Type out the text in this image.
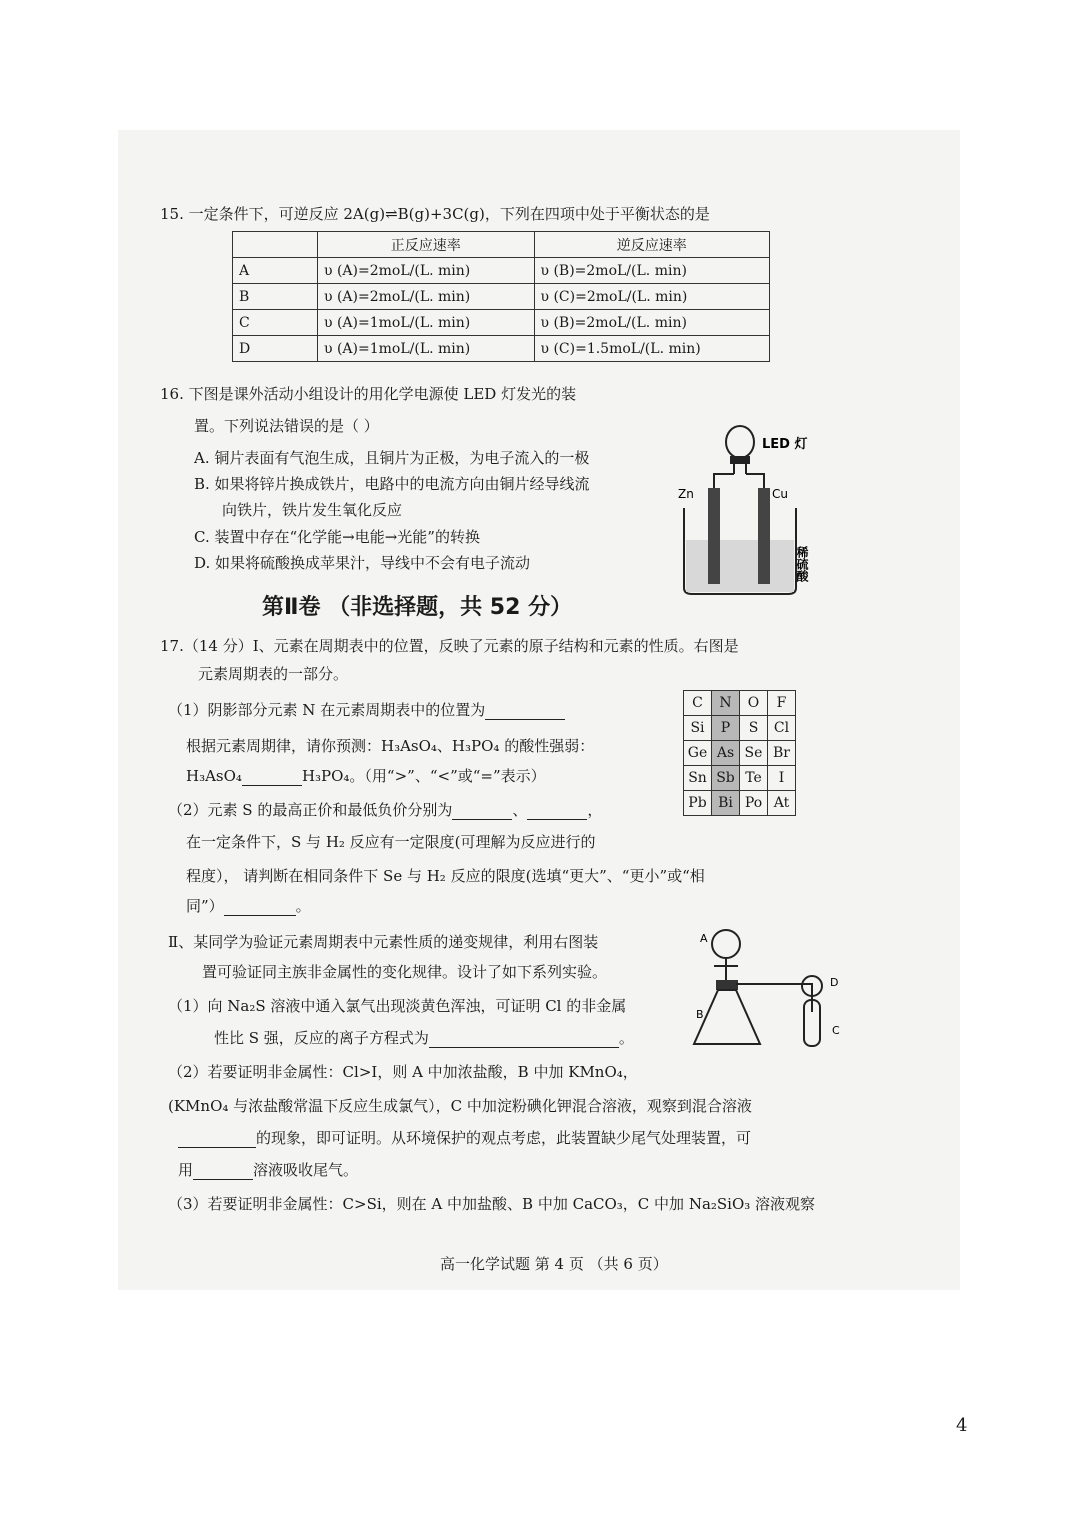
15. 一定条件下，可逆反应 2A(g)⇌B(g)+3C(g)，下列在四项中处于平衡状态的是
	正反应速率	逆反应速率
A	υ (A)=2moL/(L. min)	υ (B)=2moL/(L. min)
B	υ (A)=2moL/(L. min)	υ (C)=2moL/(L. min)
C	υ (A)=1moL/(L. min)	υ (B)=2moL/(L. min)
D	υ (A)=1moL/(L. min)	υ (C)=1.5moL/(L. min)
16. 下图是课外活动小组设计的用化学电源使 LED 灯发光的装
置。下列说法错误的是（ ）
A. 铜片表面有气泡生成，且铜片为正极，为电子流入的一极
B. 如果将锌片换成铁片，电路中的电流方向由铜片经导线流
向铁片，铁片发生氧化反应
C. 装置中存在“化学能→电能→光能”的转换
D. 如果将硫酸换成苹果汁，导线中不会有电子流动
LED 灯
Zn	Cu
稀硫酸
第Ⅱ卷 （非选择题，共 52 分）
17.（14 分）Ⅰ、元素在周期表中的位置，反映了元素的原子结构和元素的性质。右图是
元素周期表的一部分。
（1）阴影部分元素 N 在元素周期表中的位置为
根据元素周期律，请你预测：H₃AsO₄、H₃PO₄ 的酸性强弱：
H₃AsO₄	H₃PO₄。（用“>”、“<”或“=”表示）
（2）元素 S 的最高正价和最低负价分别为	、	，
在一定条件下，S 与 H₂ 反应有一定限度(可理解为反应进行的
程度）， 请判断在相同条件下 Se 与 H₂ 反应的限度(选填“更大”、“更小”或“相
同”）	。
C	N	O	F
Si	P	S	Cl
Ge	As	Se	Br
Sn	Sb	Te	I
Pb	Bi	Po	At
Ⅱ、某同学为验证元素周期表中元素性质的递变规律，利用右图装
置可验证同主族非金属性的变化规律。设计了如下系列实验。
（1）向 Na₂S 溶液中通入氯气出现淡黄色浑浊，可证明 Cl 的非金属
性比 S 强，反应的离子方程式为	。
（2）若要证明非金属性：Cl>I，则 A 中加浓盐酸，B 中加 KMnO₄，
(KMnO₄ 与浓盐酸常温下反应生成氯气），C 中加淀粉碘化钾混合溶液，观察到混合溶液
的现象，即可证明。从环境保护的观点考虑，此装置缺少尾气处理装置，可
用	溶液吸收尾气。
（3）若要证明非金属性：C>Si，则在 A 中加盐酸、B 中加 CaCO₃，C 中加 Na₂SiO₃ 溶液观察
A
B
C
D
高一化学试题 第 4 页 （共 6 页）
4
